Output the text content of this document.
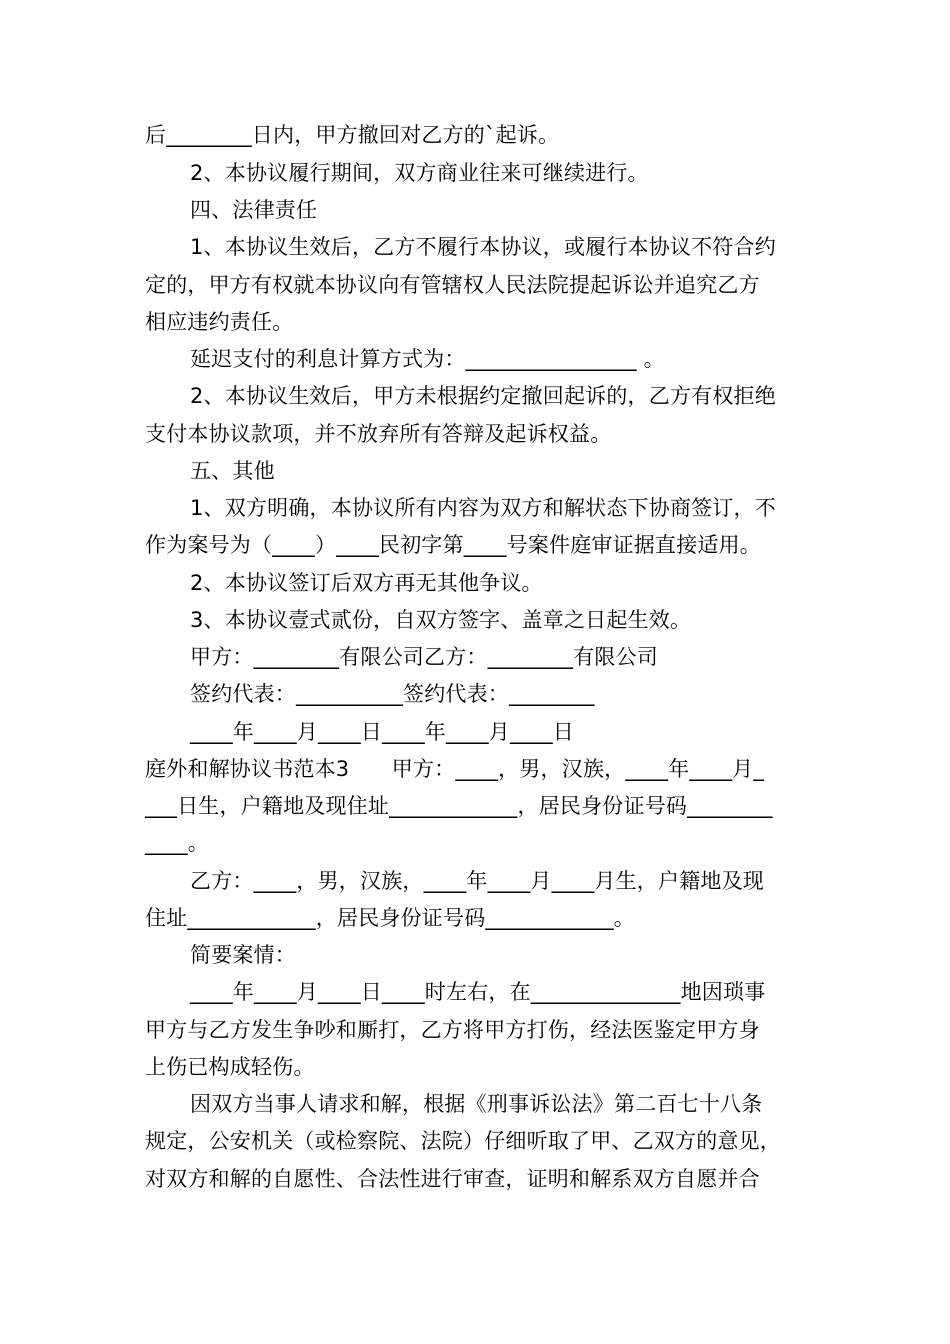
后________日内，甲方撤回对乙方的`起诉。
2、本协议履行期间，双方商业往来可继续进行。
四、法律责任
1、本协议生效后，乙方不履行本协议，或履行本协议不符合约
定的，甲方有权就本协议向有管辖权人民法院提起诉讼并追究乙方
相应违约责任。
延迟支付的利息计算方式为：________________ 。
2、本协议生效后，甲方未根据约定撤回起诉的，乙方有权拒绝
支付本协议款项，并不放弃所有答辩及起诉权益。
五、其他
1、双方明确，本协议所有内容为双方和解状态下协商签订，不
作为案号为（____）____民初字第____号案件庭审证据直接适用。
2、本协议签订后双方再无其他争议。
3、本协议壹式贰份，自双方签字、盖章之日起生效。
甲方：________有限公司乙方：________有限公司
签约代表：__________签约代表：________
____年____月____日____年____月____日
庭外和解协议书范本3　　甲方：____，男，汉族，____年____月_
___日生，户籍地及现住址____________，居民身份证号码________
____。
乙方：____，男，汉族，____年____月____月生，户籍地及现
住址____________，居民身份证号码____________。
简要案情：
____年____月____日____时左右，在______________地因琐事
甲方与乙方发生争吵和厮打，乙方将甲方打伤，经法医鉴定甲方身
上伤已构成轻伤。
因双方当事人请求和解，根据《刑事诉讼法》第二百七十八条
规定，公安机关（或检察院、法院）仔细听取了甲、乙双方的意见，
对双方和解的自愿性、合法性进行审查，证明和解系双方自愿并合
